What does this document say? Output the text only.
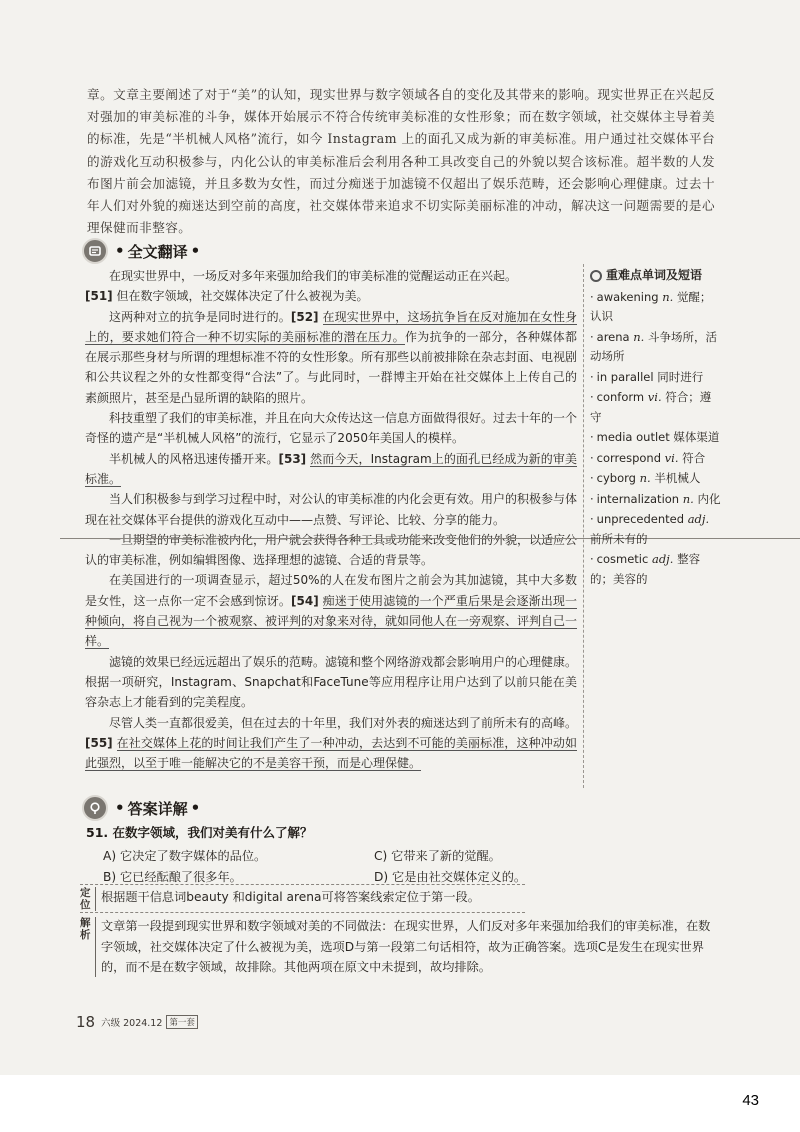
章。文章主要阐述了对于“美”的认知，现实世界与数字领域各自的变化及其带来的影响。现实世界正在兴起反对强加的审美标准的斗争，媒体开始展示不符合传统审美标准的女性形象；而在数字领域，社交媒体主导着美的标准，先是“半机械人风格”流行，如今 Instagram 上的面孔又成为新的审美标准。用户通过社交媒体平台的游戏化互动积极参与，内化公认的审美标准后会利用各种工具改变自己的外貌以契合该标准。超半数的人发布图片前会加滤镜，并且多数为女性，而过分痴迷于加滤镜不仅超出了娱乐范畴，还会影响心理健康。过去十年人们对外貌的痴迷达到空前的高度，社交媒体带来追求不切实际美丽标准的冲动，解决这一问题需要的是心理保健而非整容。
• 全文翻译 •

在现实世界中，一场反对多年来强加给我们的审美标准的觉醒运动正在兴起。

[51] 但在数字领域，社交媒体决定了什么被视为美。

这两种对立的抗争是同时进行的。[52] 在现实世界中，这场抗争旨在反对施加在女性身上的，要求她们符合一种不切实际的美丽标准的潜在压力。作为抗争的一部分，各种媒体都在展示那些身材与所谓的理想标准不符的女性形象。所有那些以前被排除在杂志封面、电视剧和公共议程之外的女性都变得“合法”了。与此同时，一群博主开始在社交媒体上上传自己的素颜照片，甚至是凸显所谓的缺陷的照片。

科技重塑了我们的审美标准，并且在向大众传达这一信息方面做得很好。过去十年的一个奇怪的遗产是“半机械人风格”的流行，它显示了2050年美国人的模样。

半机械人的风格迅速传播开来。[53] 然而今天，Instagram上的面孔已经成为新的审美标准。

当人们积极参与到学习过程中时，对公认的审美标准的内化会更有效。用户的积极参与体现在社交媒体平台提供的游戏化互动中——点赞、写评论、比较、分享的能力。

一旦期望的审美标准被内化，用户就会获得各种工具或功能来改变他们的外貌，以适应公认的审美标准，例如编辑图像、选择理想的滤镜、合适的背景等。

在美国进行的一项调查显示，超过50%的人在发布图片之前会为其加滤镜，其中大多数是女性，这一点你一定不会感到惊讶。[54] 痴迷于使用滤镜的一个严重后果是会逐渐出现一种倾向，将自己视为一个被观察、被评判的对象来对待，就如同他人在一旁观察、评判自己一样。

滤镜的效果已经远远超出了娱乐的范畴。滤镜和整个网络游戏都会影响用户的心理健康。根据一项研究，Instagram、Snapchat和FaceTune等应用程序让用户达到了以前只能在美容杂志上才能看到的完美程度。

尽管人类一直都很爱美，但在过去的十年里，我们对外表的痴迷达到了前所未有的高峰。[55] 在社交媒体上花的时间让我们产生了一种冲动，去达到不可能的美丽标准，这种冲动如此强烈，以至于唯一能解决它的不是美容干预，而是心理保健。

重难点单词及短语
· awakening n. 觉醒；认识
· arena n. 斗争场所，活动场所
· in parallel 同时进行
· conform vi. 符合；遵守
· media outlet 媒体渠道
· correspond vi. 符合
· cyborg n. 半机械人
· internalization n. 内化
· unprecedented adj. 前所未有的
· cosmetic adj. 整容的；美容的
• 答案详解 •
51. 在数字领域，我们对美有什么了解？
A) 它决定了数字媒体的品位。	C) 它带来了新的觉醒。
B) 它已经酝酿了很多年。	D) 它是由社交媒体定义的。
定位
根据题干信息词beauty 和digital arena可将答案线索定位于第一段。
解析
文章第一段提到现实世界和数字领域对美的不同做法：在现实世界，人们反对多年来强加给我们的审美标准，在数字领域，社交媒体决定了什么被视为美，选项D与第一段第二句话相符，故为正确答案。选项C是发生在现实世界的，而不是在数字领域，故排除。其他两项在原文中未提到，故均排除。
18 六级 2024.12 第一套
43
